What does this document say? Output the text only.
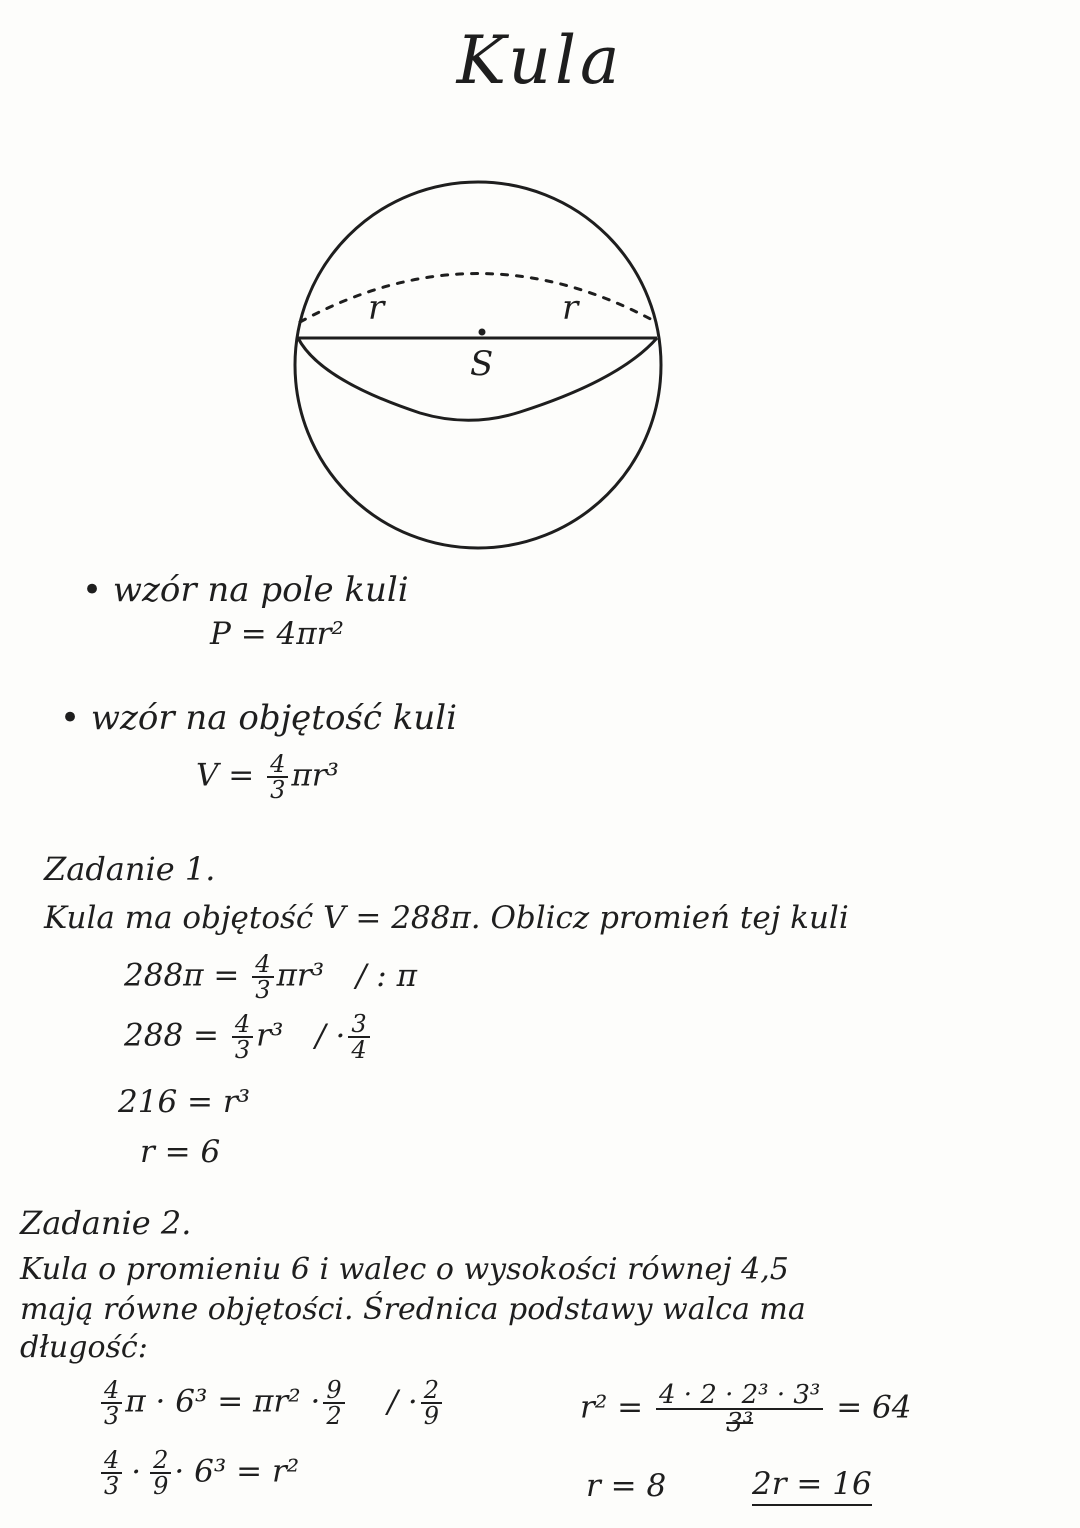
Kula
r	r
S
• wzór na pole kuli
P = 4πr²
• wzór na objętość kuli
$V = \frac{4}{3} \pi r^3$
Zadanie 1.
Kula ma objętość V = 288π. Oblicz promień tej kuli
$288\pi = \frac{4}{3} \pi r^3$ / : π
$288 = \frac{4}{3} r^3$ / · $\frac{3}{4}$
216 = r³
r = 6
Zadanie 2.
Kula o promieniu 6 i walec o wysokości równej 4,5
mają równe objętości. Średnica podstawy walca ma
długość:
$\frac{4}{3}$ $\pi \cdot 6^3 = \pi r^2 \cdot \frac{9}{2}$ / · $\frac{2}{9}$
$\frac{4}{3} \cdot \frac{2}{9} \cdot 6^3 = r^2$
$r^2 = \frac{\text{4 · 2 · 2³ · 3³}}{\text{3³}} = 64$
r = 8	2r = 16
